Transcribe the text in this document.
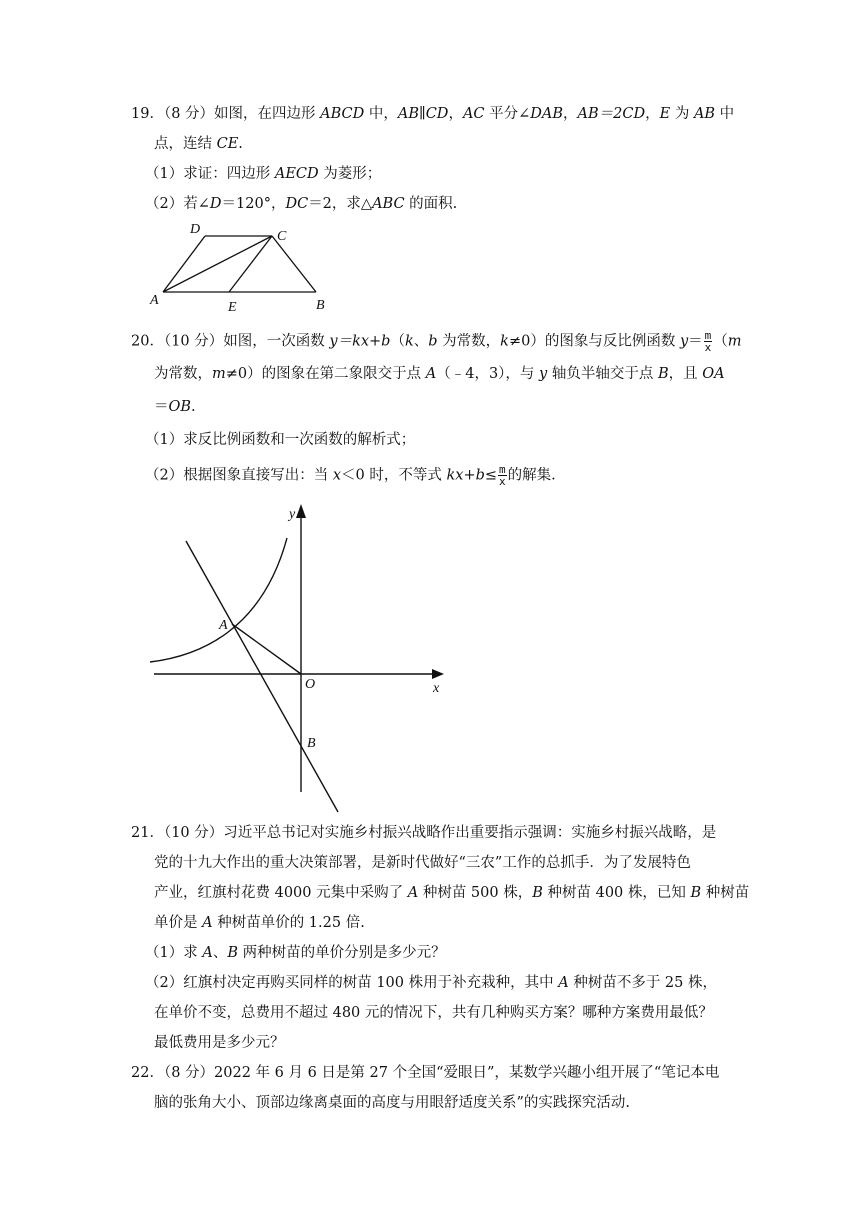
19．（8 分）如图，在四边形 ABCD 中，AB∥CD，AC 平分∠DAB，AB＝2CD，E 为 AB 中
点，连结 CE.
（1）求证：四边形 AECD 为菱形；
（2）若∠D＝120°，DC＝2，求△ABC 的面积.
D	C
A	E	B
20．（10 分）如图，一次函数 y＝kx+b（k、b 为常数，k≠0）的图象与反比例函数 $y= \frac{m}{x} (m$
为常数，m≠0）的图象在第二象限交于点 A（﹣4，3），与 y 轴负半轴交于点 B，且 OA
＝OB.
（1）求反比例函数和一次函数的解析式；
（2）根据图象直接写出：当 x＜0 时，不等式 $kx+b\le \frac{m}{x}$ 的解集.
y
x
O
A
B
21．（10 分）习近平总书记对实施乡村振兴战略作出重要指示强调：实施乡村振兴战略，是
党的十九大作出的重大决策部署，是新时代做好“三农”工作的总抓手．为了发展特色
产业，红旗村花费 4000 元集中采购了 A 种树苗 500 株，B 种树苗 400 株，已知 B 种树苗
单价是 A 种树苗单价的 1.25 倍.
（1）求 A、B 两种树苗的单价分别是多少元？
（2）红旗村决定再购买同样的树苗 100 株用于补充栽种，其中 A 种树苗不多于 25 株，
在单价不变，总费用不超过 480 元的情况下，共有几种购买方案？哪种方案费用最低？
最低费用是多少元？
22．（8 分）2022 年 6 月 6 日是第 27 个全国“爱眼日”，某数学兴趣小组开展了“笔记本电
脑的张角大小、顶部边缘离桌面的高度与用眼舒适度关系”的实践探究活动.
